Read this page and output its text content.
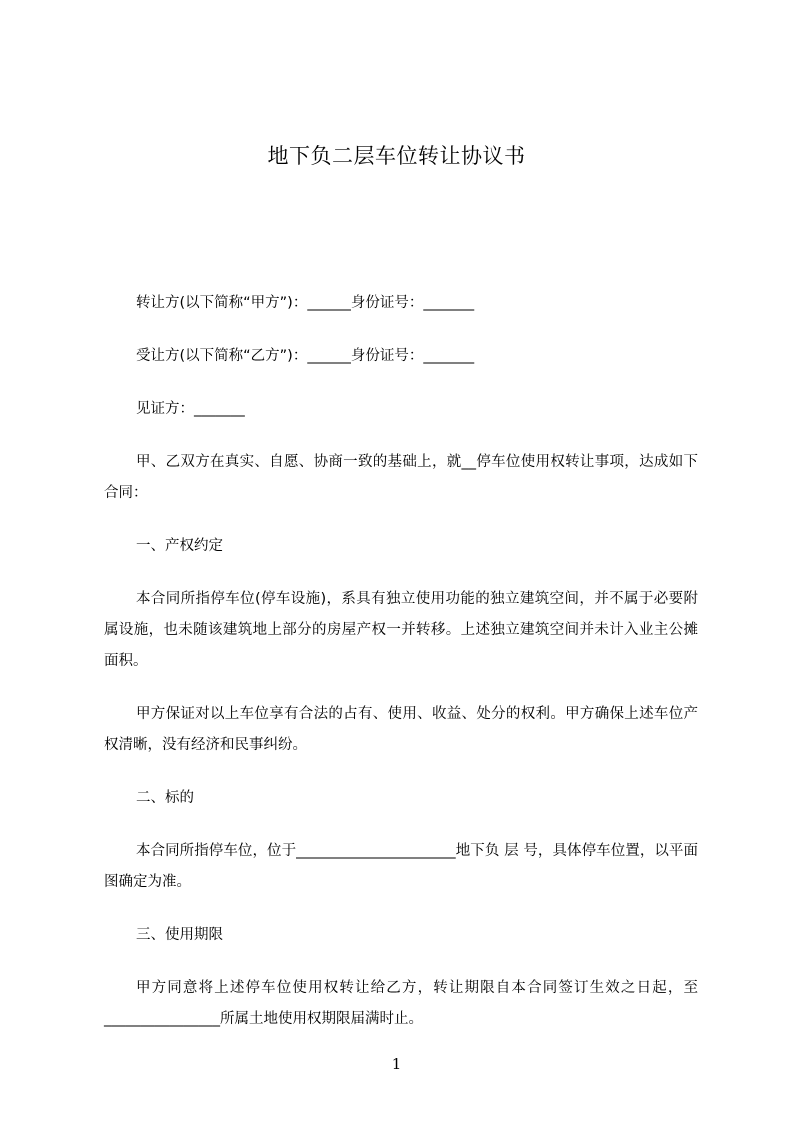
地下负二层车位转让协议书

转让方(以下简称“甲方”)：______身份证号：_______

受让方(以下简称“乙方”)：______身份证号：_______

见证方：_______

甲、乙双方在真实、自愿、协商一致的基础上，就__停车位使用权转让事项，达成如下合同：

一、产权约定

本合同所指停车位(停车设施)，系具有独立使用功能的独立建筑空间，并不属于必要附属设施，也未随该建筑地上部分的房屋产权一并转移。上述独立建筑空间并未计入业主公摊面积。

甲方保证对以上车位享有合法的占有、使用、收益、处分的权利。甲方确保上述车位产权清晰，没有经济和民事纠纷。

二、标的

本合同所指停车位，位于______________________地下负 层 号，具体停车位置，以平面图确定为准。

三、使用期限

甲方同意将上述停车位使用权转让给乙方，转让期限自本合同签订生效之日起，至________________所属土地使用权期限届满时止。

1
